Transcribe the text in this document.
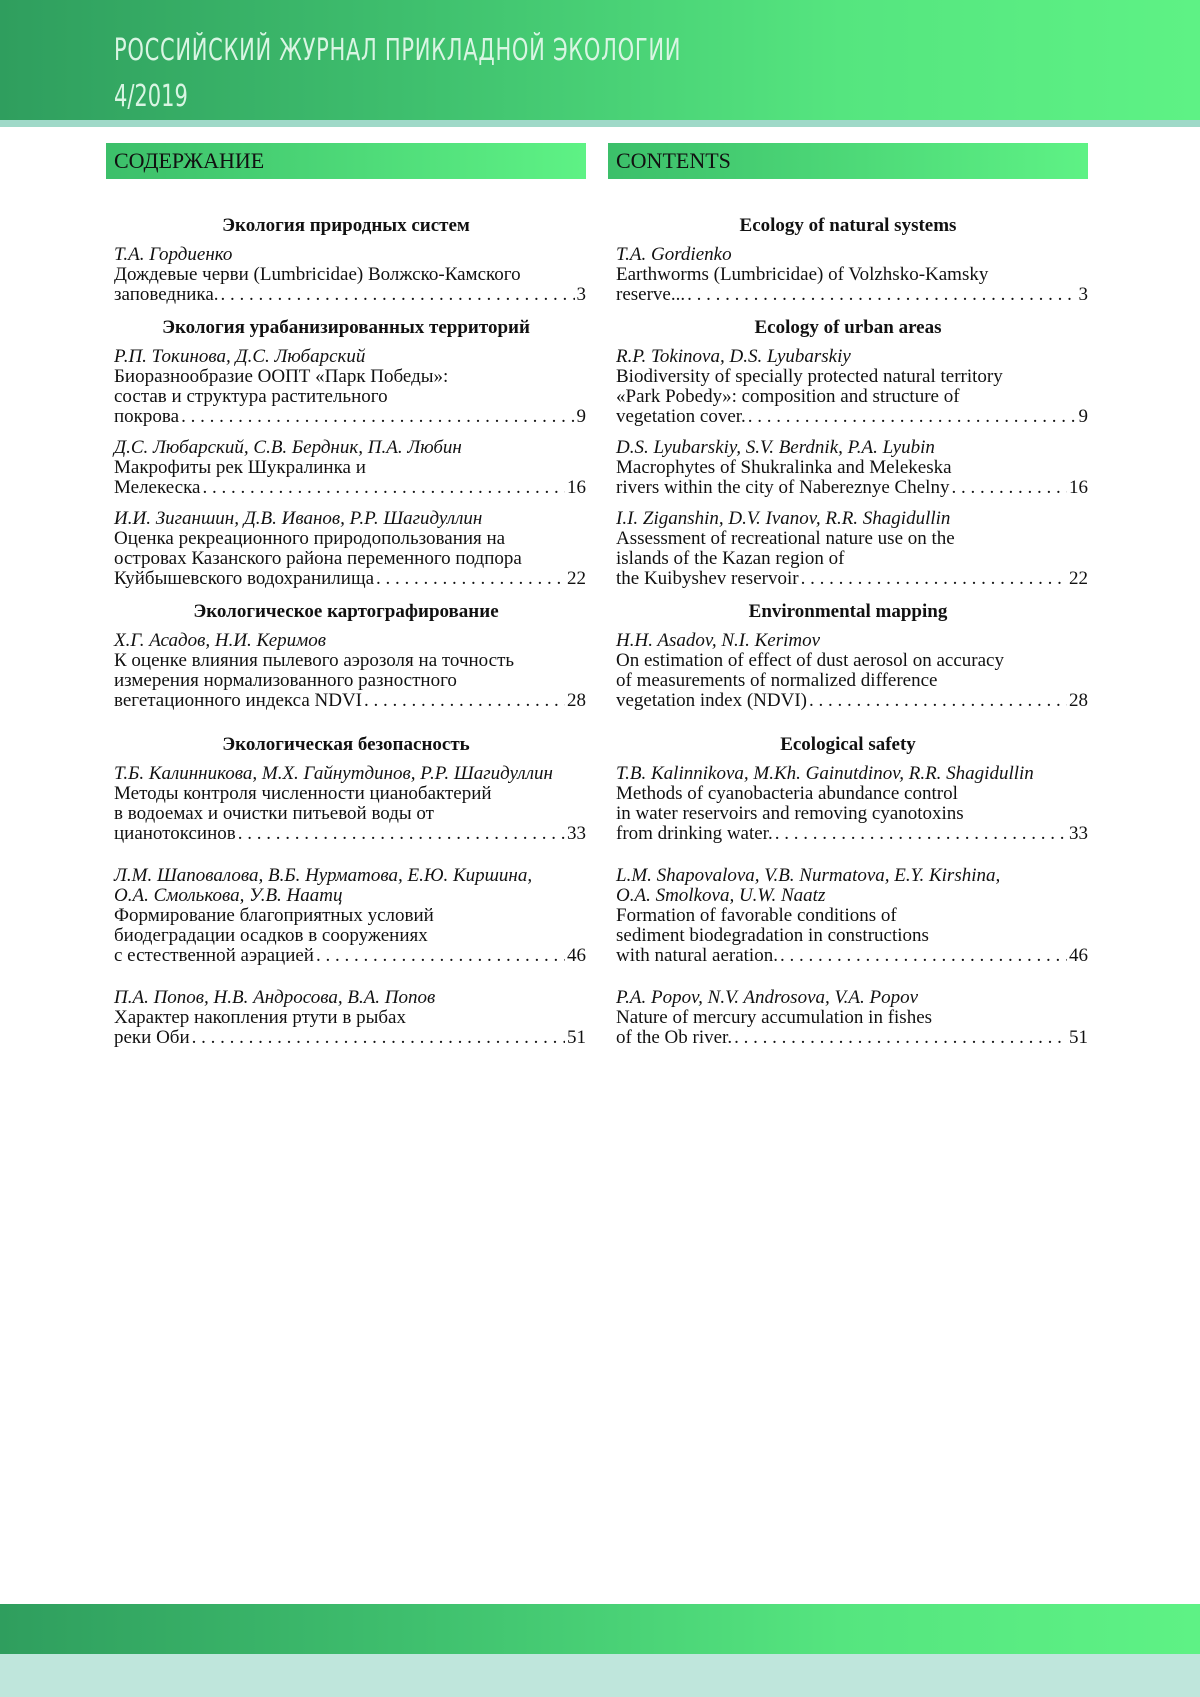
РОССИЙСКИЙ ЖУРНАЛ ПРИКЛАДНОЙ ЭКОЛОГИИ
4/2019
СОДЕРЖАНИЕ
Экология природных систем
Т.А. Гордиенко
Дождевые черви (Lumbricidae) Волжско-Камского
заповедника.
. . .	3
Экология урабанизированных территорий
Р.П. Токинова, Д.С. Любарский
Биоразнообразие ООПТ «Парк Победы»:
состав и структура растительного
покрова
. . .	9
Д.С. Любарский, С.В. Бердник, П.А. Любин
Макрофиты рек Шукралинка и
Мелекеска
. . .	16
И.И. Зиганшин, Д.В. Иванов, Р.Р. Шагидуллин
Оценка рекреационного природопользования на
островах Казанского района переменного подпора
Куйбышевского водохранилища
. . .	22
Экологическое картографирование
Х.Г. Асадов, Н.И. Керимов
К оценке влияния пылевого аэрозоля на точность
измерения нормализованного разностного
вегетационного индекса NDVI
. . .	28
Экологическая безопасность
Т.Б. Калинникова, М.Х. Гайнутдинов, Р.Р. Шагидуллин
Методы контроля численности цианобактерий
в водоемах и очистки питьевой воды от
цианотоксинов
. . .	33
Л.М. Шаповалова, В.Б. Нурматова, Е.Ю. Киршина,
О.А. Смолькова, У.В. Наатц
Формирование благоприятных условий
биодеградации осадков в сооружениях
с естественной аэрацией
. . .	46
П.А. Попов, Н.В. Андросова, В.А. Попов
Характер накопления ртути в рыбах
реки Оби
. . .	51
CONTENTS
Ecology of natural systems
T.A. Gordienko
Earthworms (Lumbricidae) of Volzhsko-Kamsky
reserve...
. . .	3
Ecology of urban areas
R.P. Tokinova, D.S. Lyubarskiy
Biodiversity of specially protected natural territory
«Park Pobedy»: composition and structure of
vegetation cover.
. . .	9
D.S. Lyubarskiy, S.V. Berdnik, P.A. Lyubin
Macrophytes of Shukralinka and Melekeska
rivers within the city of Nabereznye Chelny
. . .	16
I.I. Ziganshin, D.V. Ivanov, R.R. Shagidullin
Assessment of recreational nature use on the
islands of the Kazan region of
the Kuibyshev reservoir
. . .	22
Environmental mapping
H.H. Asadov, N.I. Kerimov
On estimation of effect of dust aerosol on accuracy
of measurements of normalized difference
vegetation index (NDVI)
. . .	28
Ecological safety
T.B. Kalinnikova, M.Kh. Gainutdinov, R.R. Shagidullin
Methods of cyanobacteria abundance control
in water reservoirs and removing cyanotoxins
from drinking water.
. . .	33
L.M. Shapovalova, V.B. Nurmatova, E.Y. Kirshina,
O.A. Smolkova, U.W. Naatz
Formation of favorable conditions of
sediment biodegradation in constructions
with natural aeration.
. . .	46
P.A. Popov, N.V. Androsova, V.A. Popov
Nature of mercury accumulation in fishes
of the Ob river.
. . .	51
